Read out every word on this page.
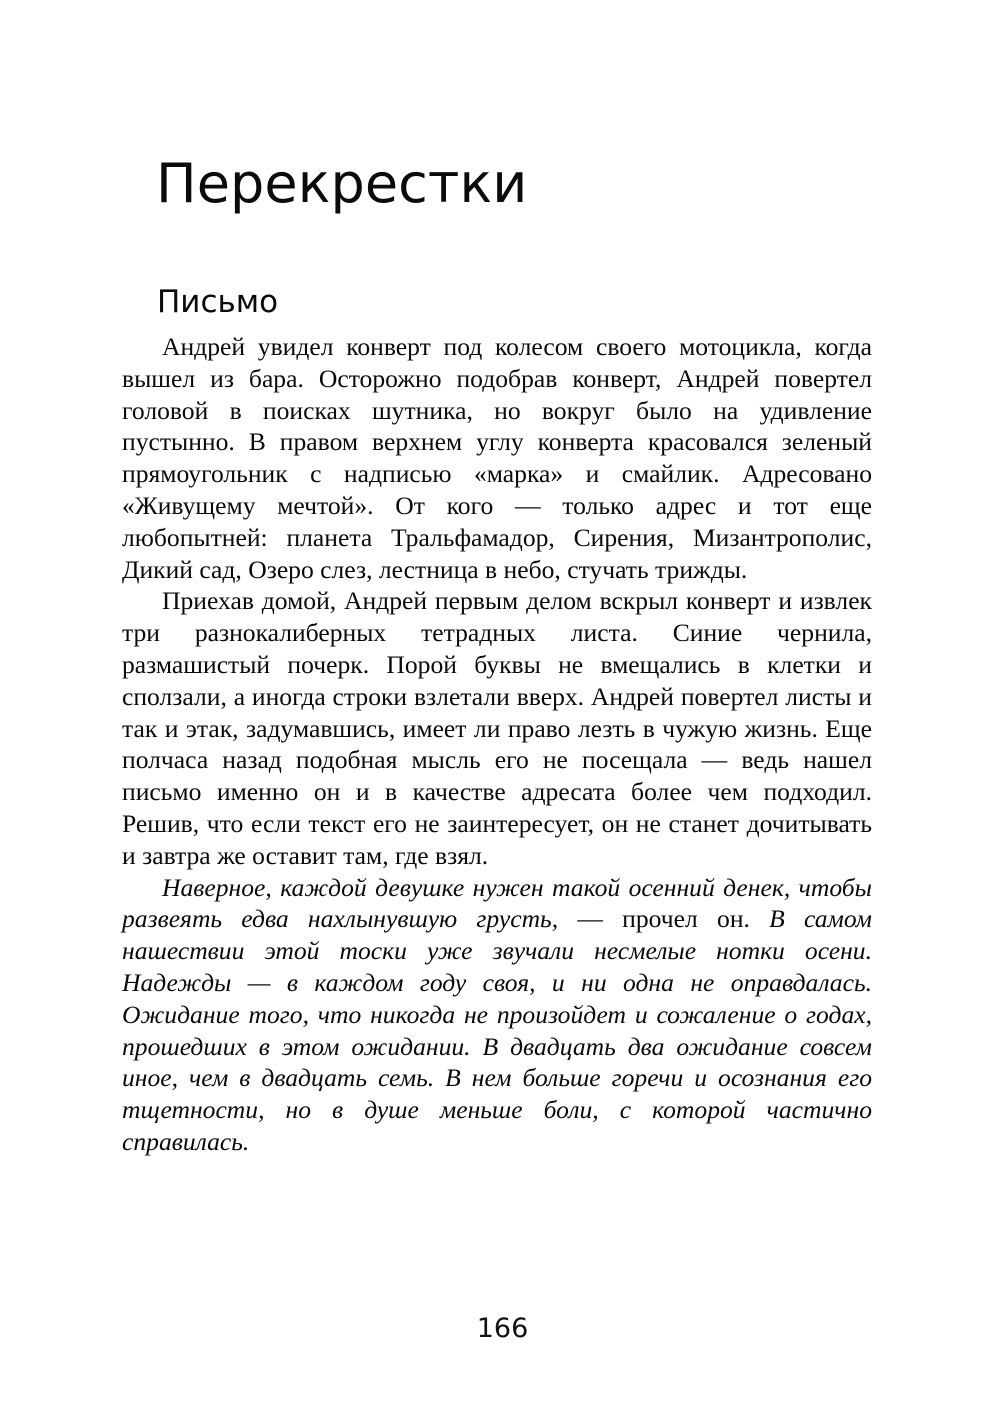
Перекрестки
Письмо

Андрей увидел конверт под колесом своего мотоцикла, когда вышел из бара. Осторожно подобрав конверт, Андрей повертел головой в поисках шутника, но вокруг было на удивление пустынно. В правом верхнем углу конверта красовался зеленый прямоугольник с надписью «марка» и смайлик. Адресовано «Живущему мечтой». От кого — только адрес и тот еще любопытней: планета Тральфамадор, Сирения, Мизантрополис, Дикий сад, Озеро слез, лестница в небо, стучать трижды.

Приехав домой, Андрей первым делом вскрыл конверт и извлек три разнокалиберных тетрадных листа. Синие чернила, размашистый почерк. Порой буквы не вмещались в клетки и сползали, а иногда строки взлетали вверх. Андрей повертел листы и так и этак, задумавшись, имеет ли право лезть в чужую жизнь. Еще полчаса назад подобная мысль его не посещала — ведь нашел письмо именно он и в качестве адресата более чем подходил. Решив, что если текст его не заинтересует, он не станет дочитывать и завтра же оставит там, где взял.

Наверное, каждой девушке нужен такой осенний денек, чтобы развеять едва нахлынувшую грусть, — прочел он. В самом нашествии этой тоски уже звучали несмелые нотки осени. Надежды — в каждом году своя, и ни одна не оправдалась. Ожидание того, что никогда не произойдет и сожаление о годах, прошедших в этом ожидании. В двадцать два ожидание совсем иное, чем в двадцать семь. В нем больше горечи и осознания его тщетности, но в душе меньше боли, с которой частично справилась.

166
